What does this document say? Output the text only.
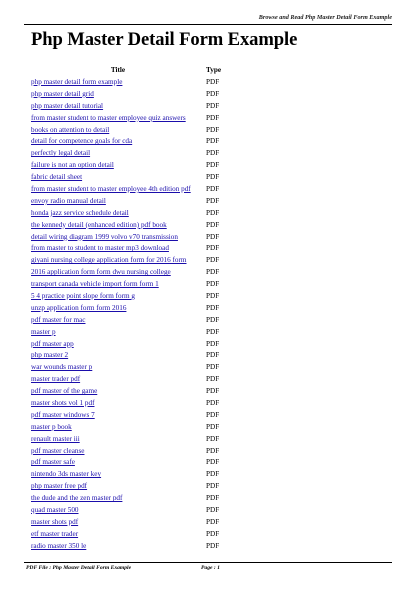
Browse and Read Php Master Detail Form Example
Php Master Detail Form Example
Title	Type
php master detail form example	PDF
php master detail grid	PDF
php master detail tutorial	PDF
from master student to master employee quiz answers	PDF
books on attention to detail	PDF
detail for competence goals for cda	PDF
perfectly legal detail	PDF
failure is not an option detail	PDF
fabric detail sheet	PDF
from master student to master employee 4th edition pdf	PDF
envoy radio manual detail	PDF
honda jazz service schedule detail	PDF
the kennedy detail (enhanced edition) pdf book	PDF
detail wiring diagram 1999 volvo v70 transmission	PDF
from master to student to master mp3 download	PDF
giyani nursing college application form for 2016 form	PDF
2016 application form form dwu nursing college	PDF
transport canada vehicle import form form 1	PDF
5 4 practice point slope form form g	PDF
unzp application form form 2016	PDF
pdf master for mac	PDF
master p	PDF
pdf master app	PDF
php master 2	PDF
war wounds master p	PDF
master trader pdf	PDF
pdf master of the game	PDF
master shots vol 1 pdf	PDF
pdf master windows 7	PDF
master p book	PDF
renault master iii	PDF
pdf master cleanse	PDF
pdf master safe	PDF
nintendo 3ds master key	PDF
php master free pdf	PDF
the dude and the zen master pdf	PDF
quad master 500	PDF
master shots pdf	PDF
etf master trader	PDF
radio master 350 le	PDF
PDF File : Php Master Detail Form Example	Page : 1
